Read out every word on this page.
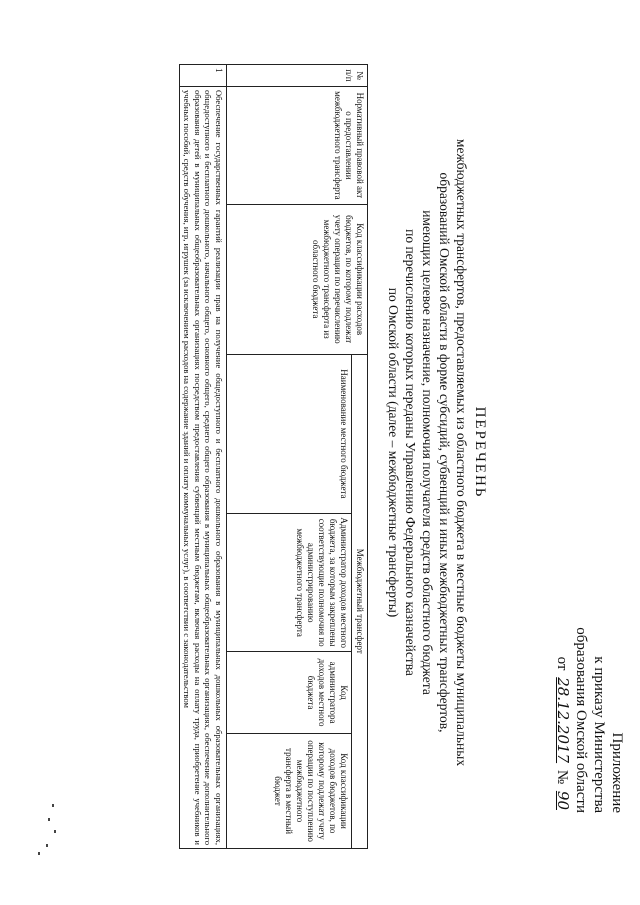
Приложение
к приказу Министерства
образования Омской области
от 28.12.2017 № 90
ПЕРЕЧЕНЬ
межбюджетных трансфертов, предоставляемых из областного бюджета в местные бюджеты муниципальных
образований Омской области в форме субсидий, субвенций и иных межбюджетных трансфертов,
имеющих целевое назначение, полномочия получателя средств областного бюджета
по перечислению которых переданы Управлению Федерального казначейства
по Омской области (далее – межбюджетные трансферты)
№ п/п	Нормативный правовой акт о предоставлении межбюджетного трансферта	Код классификации расходов бюджетов, по которому подлежат учету операции по перечислению межбюджетного трансферта из областного бюджета	Межбюджетный трансферт			
			Наименование местного бюджета	Администратор доходов местного бюджета, за которым закреплены соответствующие полномочия по администрированию межбюджетного трансферта	Код администратора доходов местного бюджета	Код классификации доходов бюджетов, по которому подлежат учету операции по поступлению межбюджетного трансферта в местный бюджет
1	Обеспечение государственных гарантий реализации прав на получение общедоступного и бесплатного дошкольного образования в муниципальных дошкольных образовательных организациях, общедоступного и бесплатного дошкольного, начального общего, основного общего, среднего общего образования в муниципальных общеобразовательных организациях, обеспечение дополнительного образования детей в муниципальных общеобразовательных организациях посредством предоставления субвенций местным бюджетам, включая расходы на оплату труда, приобретение учебников и учебных пособий, средств обучения, игр, игрушек (за исключением расходов на содержание зданий и оплату коммунальных услуг), в соответствии с законодательством					
